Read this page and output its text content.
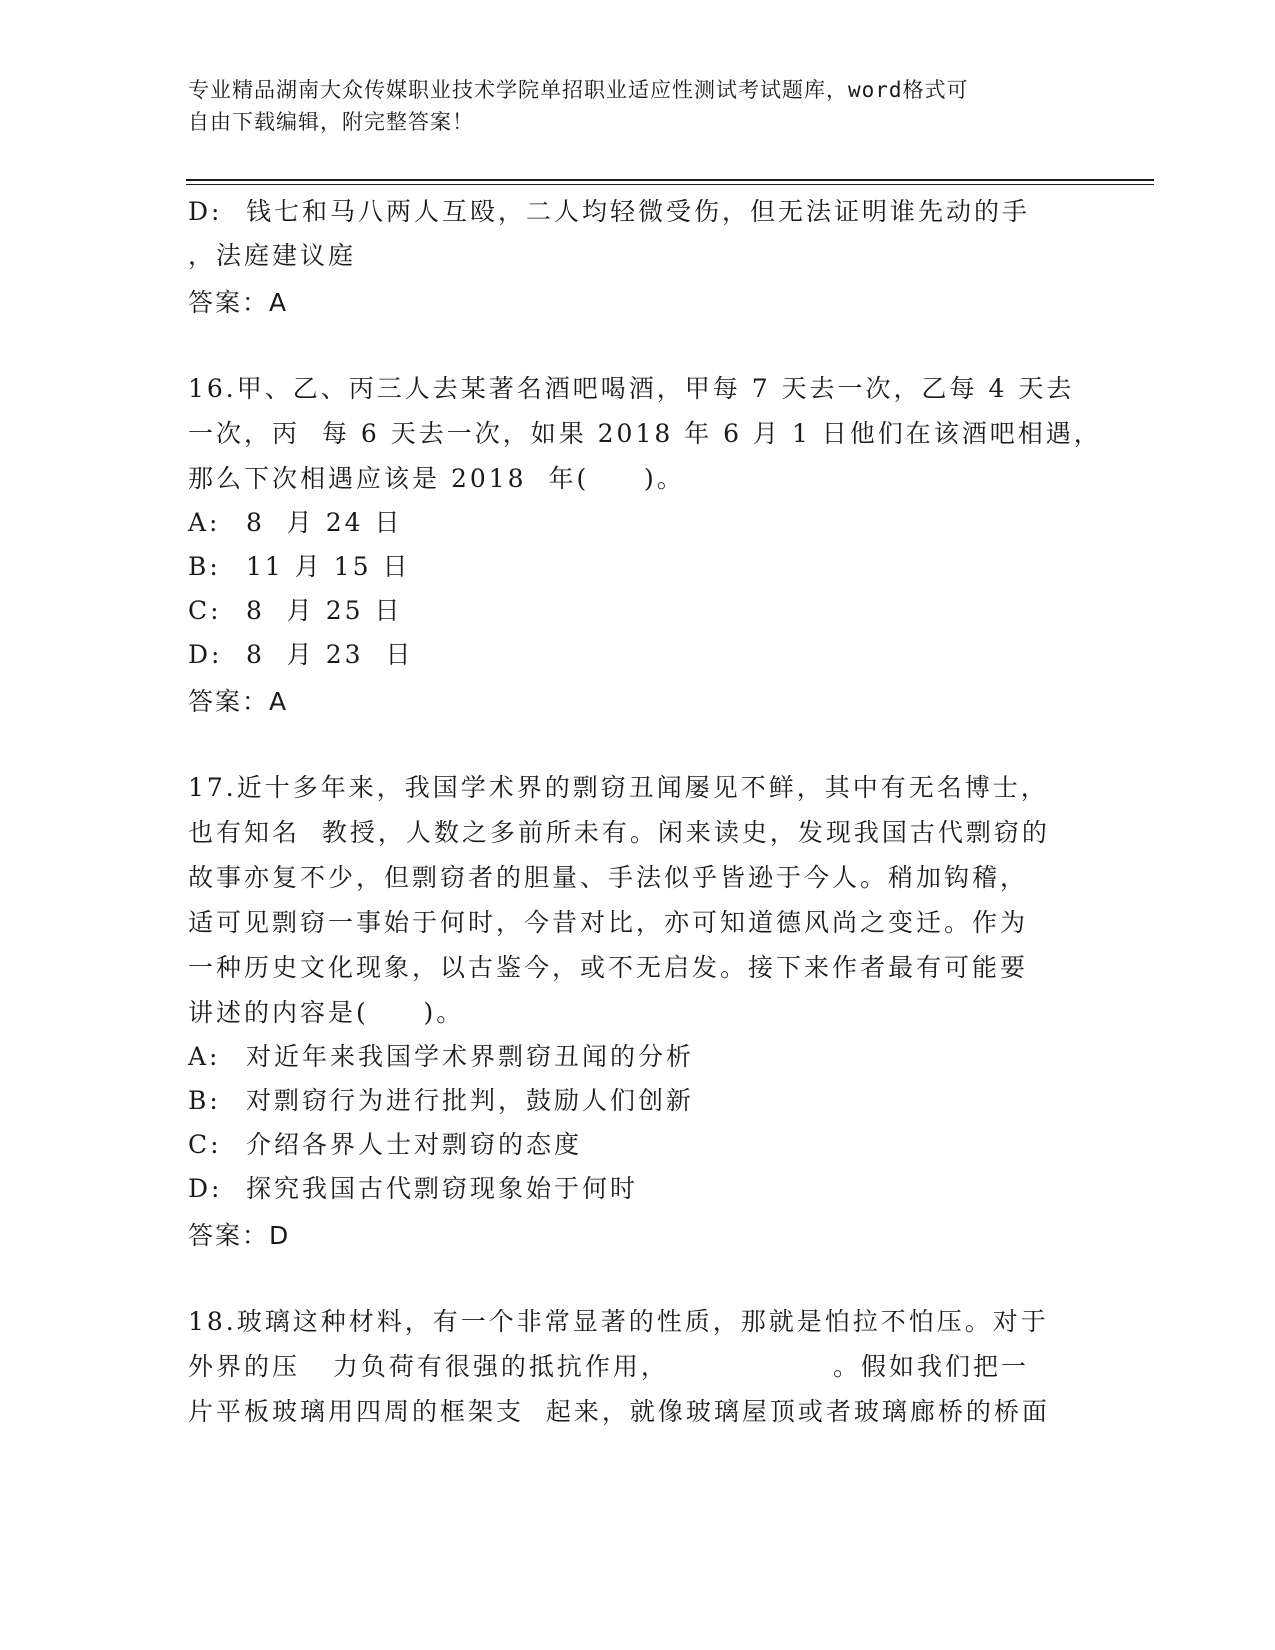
专业精品湖南大众传媒职业技术学院单招职业适应性测试考试题库，word格式可
自由下载编辑，附完整答案！
D: 钱七和马八两人互殴，二人均轻微受伤，但无法证明谁先动的手
，法庭建议庭
答案：A
16.甲、乙、丙三人去某著名酒吧喝酒，甲每 7 天去一次，乙每 4 天去
一次，丙  每 6 天去一次，如果 2018 年 6 月 1 日他们在该酒吧相遇，
那么下次相遇应该是 2018  年(     )。
A: 8  月 24 日
B: 11 月 15 日
C: 8  月 25 日
D: 8  月 23  日
答案：A
17.近十多年来，我国学术界的剽窃丑闻屡见不鲜，其中有无名博士，
也有知名  教授，人数之多前所未有。闲来读史，发现我国古代剽窃的
故事亦复不少，但剽窃者的胆量、手法似乎皆逊于今人。稍加钩稽，
适可见剽窃一事始于何时，今昔对比，亦可知道德风尚之变迁。作为
一种历史文化现象，以古鉴今，或不无启发。接下来作者最有可能要
讲述的内容是(     )。
A: 对近年来我国学术界剽窃丑闻的分析
B: 对剽窃行为进行批判，鼓励人们创新
C: 介绍各界人士对剽窃的态度
D: 探究我国古代剽窃现象始于何时
答案：D
18.玻璃这种材料，有一个非常显著的性质，那就是怕拉不怕压。对于
外界的压   力负荷有很强的抵抗作用，               。假如我们把一
片平板玻璃用四周的框架支  起来，就像玻璃屋顶或者玻璃廊桥的桥面
